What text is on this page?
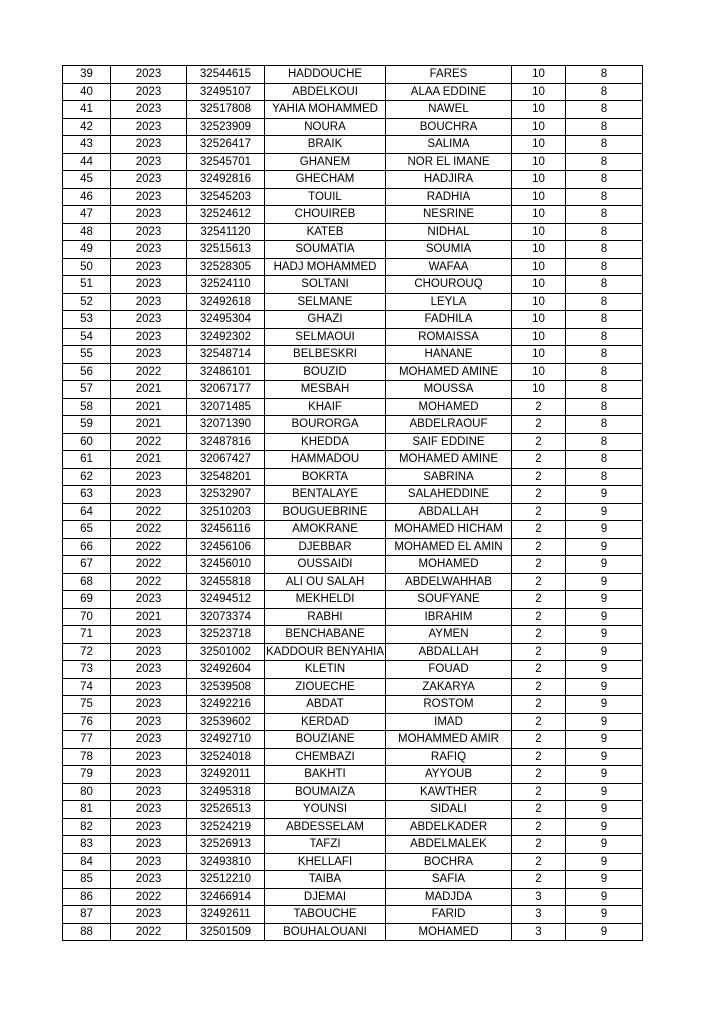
39	2023	32544615	HADDOUCHE	FARES	10	8
40	2023	32495107	ABDELKOUI	ALAA EDDINE	10	8
41	2023	32517808	YAHIA MOHAMMED	NAWEL	10	8
42	2023	32523909	NOURA	BOUCHRA	10	8
43	2023	32526417	BRAIK	SALIMA	10	8
44	2023	32545701	GHANEM	NOR EL IMANE	10	8
45	2023	32492816	GHECHAM	HADJIRA	10	8
46	2023	32545203	TOUIL	RADHIA	10	8
47	2023	32524612	CHOUIREB	NESRINE	10	8
48	2023	32541120	KATEB	NIDHAL	10	8
49	2023	32515613	SOUMATIA	SOUMIA	10	8
50	2023	32528305	HADJ MOHAMMED	WAFAA	10	8
51	2023	32524110	SOLTANI	CHOUROUQ	10	8
52	2023	32492618	SELMANE	LEYLA	10	8
53	2023	32495304	GHAZI	FADHILA	10	8
54	2023	32492302	SELMAOUI	ROMAISSA	10	8
55	2023	32548714	BELBESKRI	HANANE	10	8
56	2022	32486101	BOUZID	MOHAMED AMINE	10	8
57	2021	32067177	MESBAH	MOUSSA	10	8
58	2021	32071485	KHAIF	MOHAMED	2	8
59	2021	32071390	BOURORGA	ABDELRAOUF	2	8
60	2022	32487816	KHEDDA	SAIF EDDINE	2	8
61	2021	32067427	HAMMADOU	MOHAMED AMINE	2	8
62	2023	32548201	BOKRTA	SABRINA	2	8
63	2023	32532907	BENTALAYE	SALAHEDDINE	2	9
64	2022	32510203	BOUGUEBRINE	ABDALLAH	2	9
65	2022	32456116	AMOKRANE	MOHAMED HICHAM	2	9
66	2022	32456106	DJEBBAR	MOHAMED EL AMIN	2	9
67	2022	32456010	OUSSAIDI	MOHAMED	2	9
68	2022	32455818	ALI OU SALAH	ABDELWAHHAB	2	9
69	2023	32494512	MEKHELDI	SOUFYANE	2	9
70	2021	32073374	RABHI	IBRAHIM	2	9
71	2023	32523718	BENCHABANE	AYMEN	2	9
72	2023	32501002	KADDOUR BENYAHIA	ABDALLAH	2	9
73	2023	32492604	KLETIN	FOUAD	2	9
74	2023	32539508	ZIOUECHE	ZAKARYA	2	9
75	2023	32492216	ABDAT	ROSTOM	2	9
76	2023	32539602	KERDAD	IMAD	2	9
77	2023	32492710	BOUZIANE	MOHAMMED AMIR	2	9
78	2023	32524018	CHEMBAZI	RAFIQ	2	9
79	2023	32492011	BAKHTI	AYYOUB	2	9
80	2023	32495318	BOUMAIZA	KAWTHER	2	9
81	2023	32526513	YOUNSI	SIDALI	2	9
82	2023	32524219	ABDESSELAM	ABDELKADER	2	9
83	2023	32526913	TAFZI	ABDELMALEK	2	9
84	2023	32493810	KHELLAFI	BOCHRA	2	9
85	2023	32512210	TAIBA	SAFIA	2	9
86	2022	32466914	DJEMAI	MADJDA	3	9
87	2023	32492611	TABOUCHE	FARID	3	9
88	2022	32501509	BOUHALOUANI	MOHAMED	3	9
